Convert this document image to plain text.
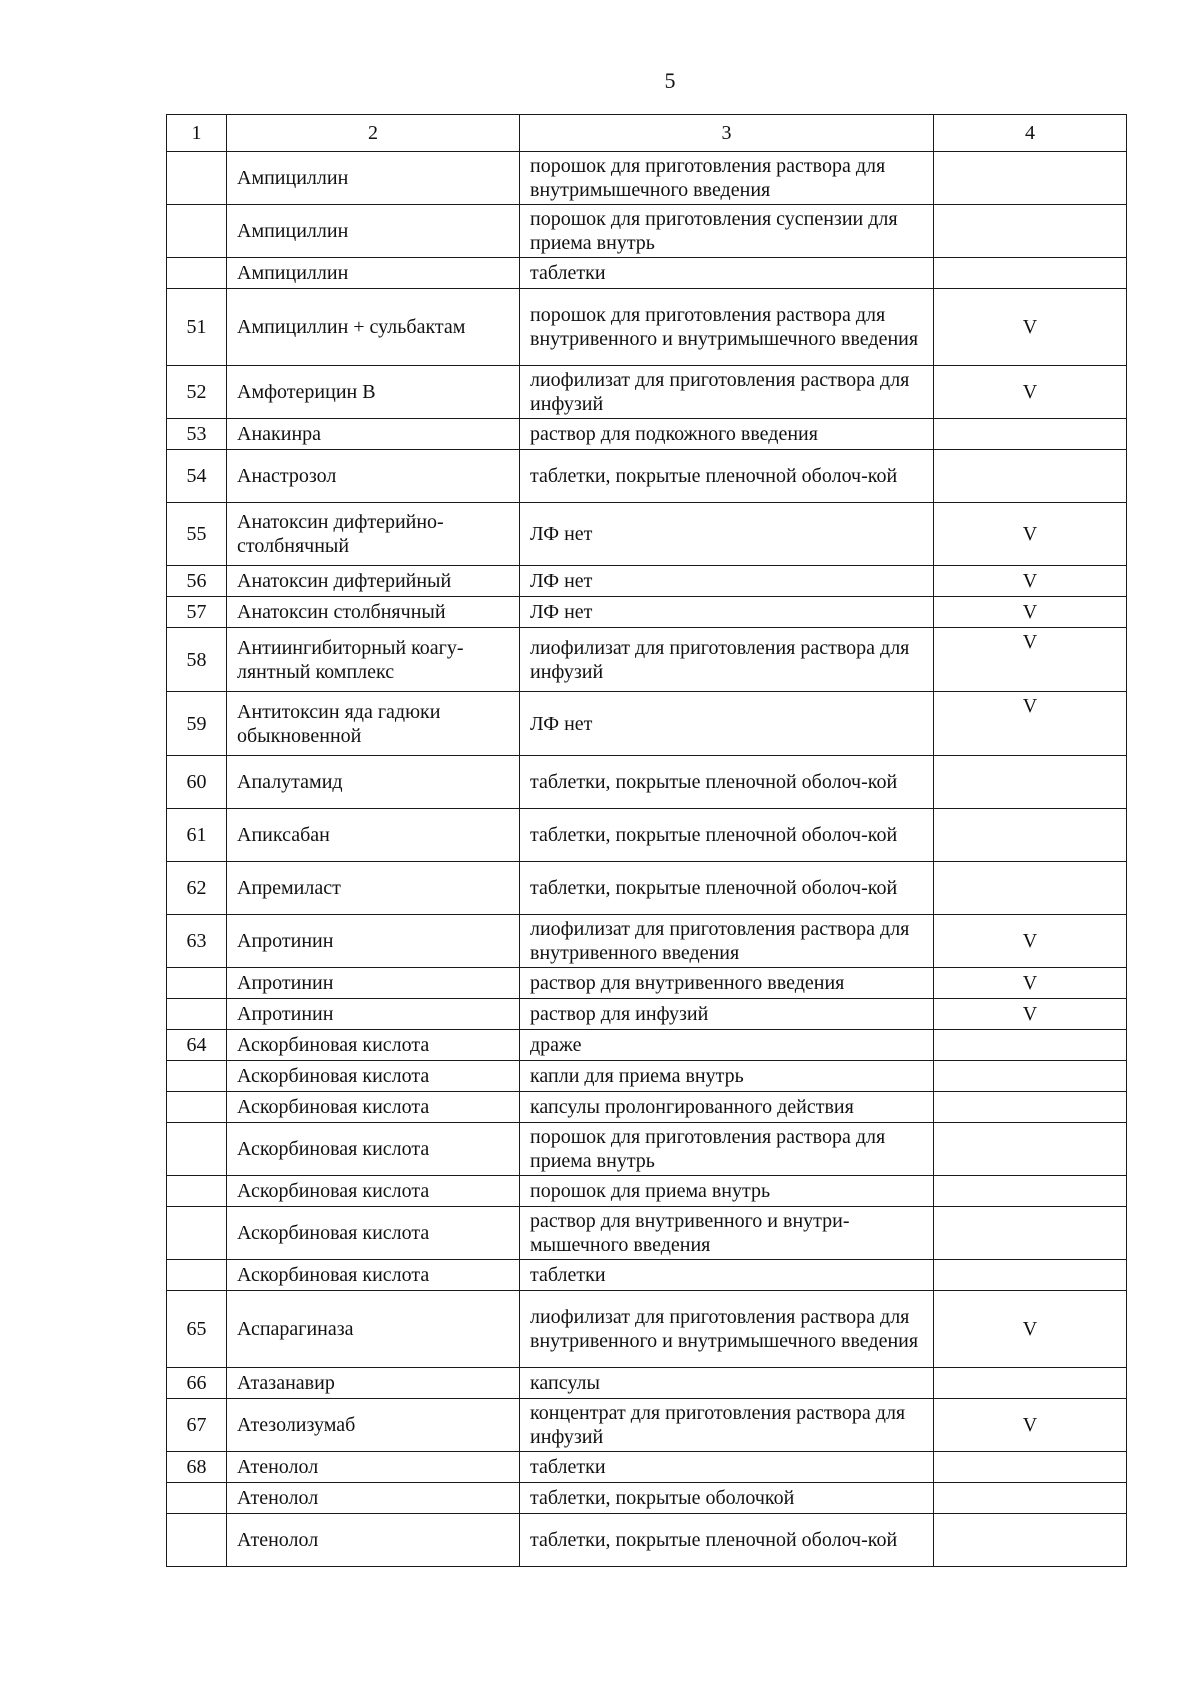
5
1	2	3	4
	Ампициллин	порошок для приготовления раствора для внутримышечного введения	
	Ампициллин	порошок для приготовления суспензии для приема внутрь	
	Ампициллин	таблетки	
51	Ампициллин + сульбактам	порошок для приготовления раствора для внутривенного и внутримышечного введения	V
52	Амфотерицин В	лиофилизат для приготовления раствора для инфузий	V
53	Анакинра	раствор для подкожного введения	
54	Анастрозол	таблетки, покрытые пленочной оболоч-кой	
55	Анатоксин дифтерийно-столбнячный	ЛФ нет	V
56	Анатоксин дифтерийный	ЛФ нет	V
57	Анатоксин столбнячный	ЛФ нет	V
58	Антиингибиторный коагу-лянтный комплекс	лиофилизат для приготовления раствора для инфузий	V
59	Антитоксин яда гадюки обыкновенной	ЛФ нет	V
60	Апалутамид	таблетки, покрытые пленочной оболоч-кой	
61	Апиксабан	таблетки, покрытые пленочной оболоч-кой	
62	Апремиласт	таблетки, покрытые пленочной оболоч-кой	
63	Апротинин	лиофилизат для приготовления раствора для внутривенного введения	V
	Апротинин	раствор для внутривенного введения	V
	Апротинин	раствор для инфузий	V
64	Аскорбиновая кислота	драже	
	Аскорбиновая кислота	капли для приема внутрь	
	Аскорбиновая кислота	капсулы пролонгированного действия	
	Аскорбиновая кислота	порошок для приготовления раствора для приема внутрь	
	Аскорбиновая кислота	порошок для приема внутрь	
	Аскорбиновая кислота	раствор для внутривенного и внутри-мышечного введения	
	Аскорбиновая кислота	таблетки	
65	Аспарагиназа	лиофилизат для приготовления раствора для внутривенного и внутримышечного введения	V
66	Атазанавир	капсулы	
67	Атезолизумаб	концентрат для приготовления раствора для инфузий	V
68	Атенолол	таблетки	
	Атенолол	таблетки, покрытые оболочкой	
	Атенолол	таблетки, покрытые пленочной оболоч-кой	
